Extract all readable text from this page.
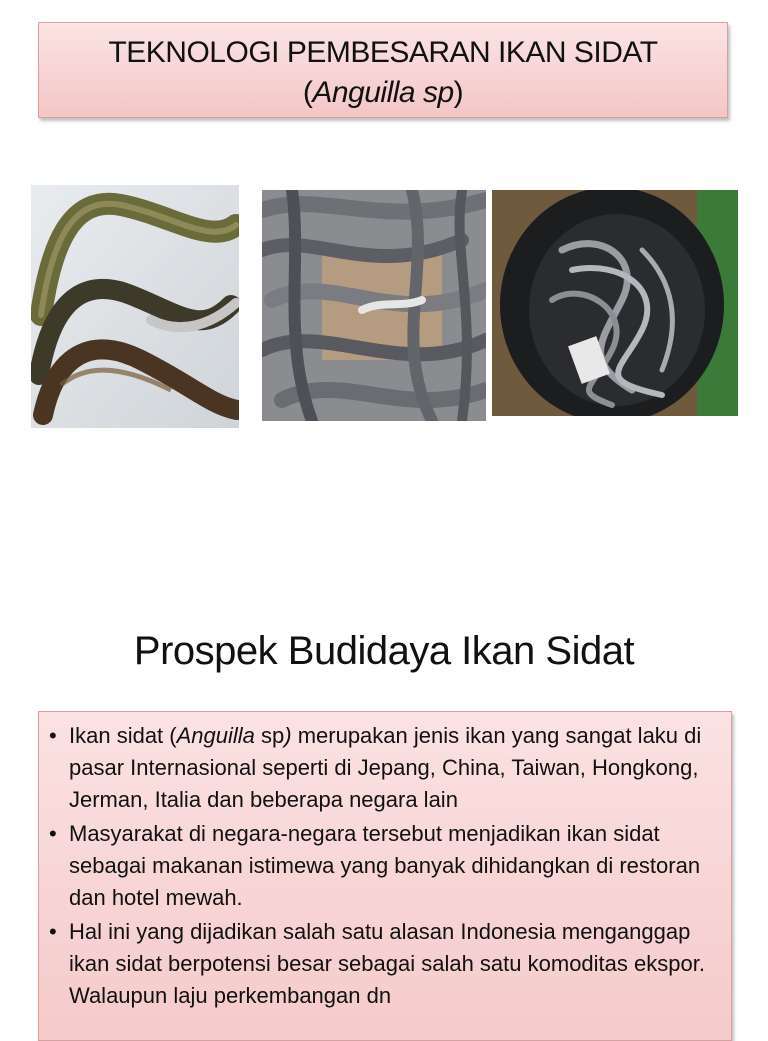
TEKNOLOGI PEMBESARAN IKAN SIDAT
(Anguilla sp)
Prospek Budidaya Ikan Sidat
• Ikan sidat (Anguilla sp) merupakan jenis ikan yang sangat laku di pasar Internasional seperti di Jepang, China, Taiwan, Hongkong, Jerman, Italia dan beberapa negara lain
• Masyarakat di negara-negara tersebut menjadikan ikan sidat sebagai makanan istimewa yang banyak dihidangkan di restoran dan hotel mewah.
• Hal ini yang dijadikan salah satu alasan Indonesia menganggap ikan sidat berpotensi besar sebagai salah satu komoditas ekspor. Walaupun laju perkembangan dn
